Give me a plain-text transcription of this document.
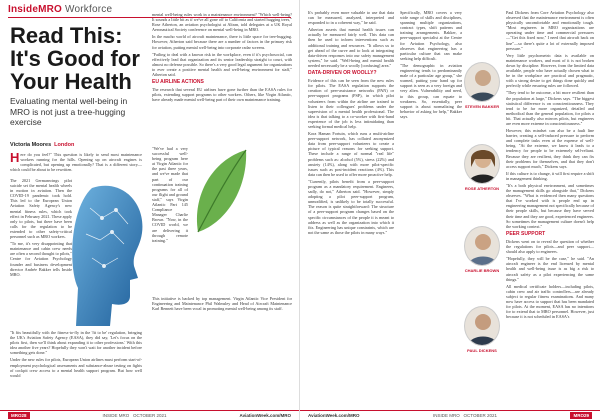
InsideMRO Workforce
Read This: It's Good for Your Health
Evaluating mental well-being in MRO is not just a tree-hugging exercise
Victoria Moores London
Here do you feel?" This question is likely to send most maintenance workers running for the hills. Opening up on aircraft engines is complicated, but opening up emotionally? That is a different story—which could be about to be rewritten.

The 2021 Germanwings pilot suicide set the mental health wheels in motion in aviation. Then the COVID-19 pandemic took hold. This led to the European Union Aviation Safety Agency's new mental fitness rules, which took effect in February 2021. These apply only to pilots, but there have been calls for the regulation to be extended to other safety-critical personnel such as MRO workers.

"To me, it's very disappointing that maintenance and cabin crew needs are often a second thought to pilots," Centre for Aviation Psychology founder and business development director Andrée Bakker tells Inside MRO.

"It fits beautifully with the fitness-to-fly in the 'fit to be' regulation, bringing the UK's Aviation Safety Agency (EASA), they did say, 'Let's focus on the pilots first, then we'll think about expanding it to other professions.' With this idea another five years? Hopefully they won't wait for another incident before something gets done."

Under the new rules for pilots, European Union airlines must perform start-of-employment psychological assessments and substance-abuse testing on fights of cockpit crew access to a mental health support program. But how well would

mental well-being rules work in a maintenance environment? "Which well-being? It sounds a little bit as if we've all gone off to California and started hugging trees," Rose Atherton, an aviation psychologist at Altran, told delegates at a UK Royal Aeronautical Society conference on mental well-being in MRO.

In the macho world of aircraft maintenance, there is little space for tree-hugging. However, Atherton said because there are a number of factors in the primary risk for aviation, putting mental well-being into corporate radar screens.

"Failing to deal with a known risk in the workplace, even if it's psychosocial, can effectively lead that organization and its senior leadership straight to court, with almost no defense possible. So there's a very good legal argument for organizations to ever create a positive mental health and well-being environment for staff," Atherton said.

EU AIRLINE ACTIONS

The research that several EU airlines have gone further than the EASA rules for pilots, extending support programs to other workers. Others, like Virgin Atlantic, have already made mental well-being part of their own maintenance training.

"We've had a very successful well-being program here at Virgin Atlantic for the past three years, and we've made that part of our continuation training programs for all of our flight and ground staff," says Virgin Atlantic Part 145 Compliance Manager Charlie Brown. "Now, in the COVID world, we are delivering it through remote training."

This initiative is backed by top management. Virgin Atlantic Vice President for Engineering and Maintenance Phil Walmsley and Head of Aircraft Maintenance Karl Bennett have been vocal in promoting mental well-being among its staff.

MRO28	INSIDE MRO OCTOBER 2021	AviationWeek.com/MRO

It's probably even more valuable to use that data can be measured, analyzed, interpreted and responded to in a coherent way," he said.

Atherton asserts that mental health issues can actually be measured fairly well. This data can then be used to inform interventions such as additional training and resources. "It allows us to get ahead of the curve and to look at integrating data-driven responses into our safety management system," he said. "Well-being and mental health needed necessarily be a woolly [confusing] area."

DATA-DRIVEN OR WOOLLY?

Evidence of this can be seen from the new rules for pilots. The EASA regulation supports the creation of peer-assistance networks (PAN) or peer-support programs (PSP), in which pilot volunteers from within the airline are trained to listen to their colleagues' problems under the supervision of a mental health professional. The idea is that talking to a co-worker with first-hand experience of the job is less intimidating than seeking formal medical help.

Kora Haman Fortuin, which runs a multi-airline peer-support network, has collated anonymized data from peer-support volunteers to create a picture of typical reasons for seeking support. These include a range of normal "real life" problems such as: alcohol (5%), stress (22%) and anxiety (14%), along with more pilot-specific issues such as post-incident reactions (4%). This data can then be used to offer more proactive help.

"Currently, pilots benefit from a peer-support program as a mandatory requirement. Engineers, sadly, do not," Atherton said. "However, simply adopting a pilot peer-support program, unmodified, is unlikely to be totally successful. The reason is quite straightforward: The structure of a peer-support program changes based on the specific circumstances of the people it is meant to address as well as the organization into which it fits. Engineering has unique constraints, which are not the same as those the pilots in many ways."

Specifically, MRO covers a very wide range of skills and disciplines, spanning multiple organizations, contract types, shift patterns and training arrangements. Bakker, a peer-support specialist at the Centre for Aviation Psychology, also observes that engineering has a particular culture that can make seeking help difficult.

"The demographic in aviation engineering tends to predominantly male of a particular age group," she warned, putting your hand up for support is seen as a very foreign and very alien. Vulnerability and need, to this group, can equate to weakness. So, essentially, peer support is about normalizing the behavior of asking for help," Bakker says.

STEVEN BAKKER
ROSE ATHERTON
CHARLIE BROWN
PAUL DICKENS

Paul Dickens from Core Aviation Psychology also observed that the maintenance environment is often physically uncomfortable and emotionally tough. "Most engineers in MRO organizations are operating under time and commercial pressures—"Get this fixed now," I need that aircraft back on line"—so there's quite a lot of externally imposed pressure."

Very little psychometric data is available on maintenance workers, and most of it is not broken down by discipline. However, from the limited data available, people who have actually chosen what to be in the workplace are practical and pragmatic, with a strong desire to get things done quickly and perfectly while ensuring rules are followed.

"They tend to be outcome, a bit more resilient than the population at large," Dickens says. "The biggest statistical difference is on conscientiousness. They tend to be far more organized, detailed and methodical than the general population, for pilots a bit. That actually also mirrors pilots, but engineers are even more extreme in conscientiousness."

However, this mindset can also be a fault line barrier, creating a self-induced pressure to perform and complete tasks even at the expense of well-being. "At the extreme, we know it leads to a tendency for people to be extremely self-reliant. Because they are resilient, they think they can fix their problems for themselves, and that they don't access support much," Dickens says.

If this culture is to change, it will first require a shift in management thinking.

"It's a both physical environment, and sometimes the management skills go alongside that," Dickens observes. "What is evidenced then many questions that I've worked with is people end up in engineering management not specifically because of their people skills, but because they have served their time and they are good, experienced engineers. So sometimes the management culture doesn't help the working context."

PEER SUPPORT

Dickens went on to reveal the question of whether the regulations for pilots—and peer support—should also apply to engineers.

"Hopefully, they will be the case," he said. "An aircraft engineer is the end licensed by mental health and well-being issue is as big a risk to aircraft safety as a pilot experiencing the same things."

All medical certificate holders—including pilots, cabin crew and air traffic controllers—are already subject to regular fitness examinations. And many now have access to support that has been mandated for pilots. At the moment, EASA has no intentions for to extend that to MRO personnel. However, just because it is not scheduled in EASA's

AviationWeek.com/MRO	INSIDE MRO OCTOBER 2021	MRO29
